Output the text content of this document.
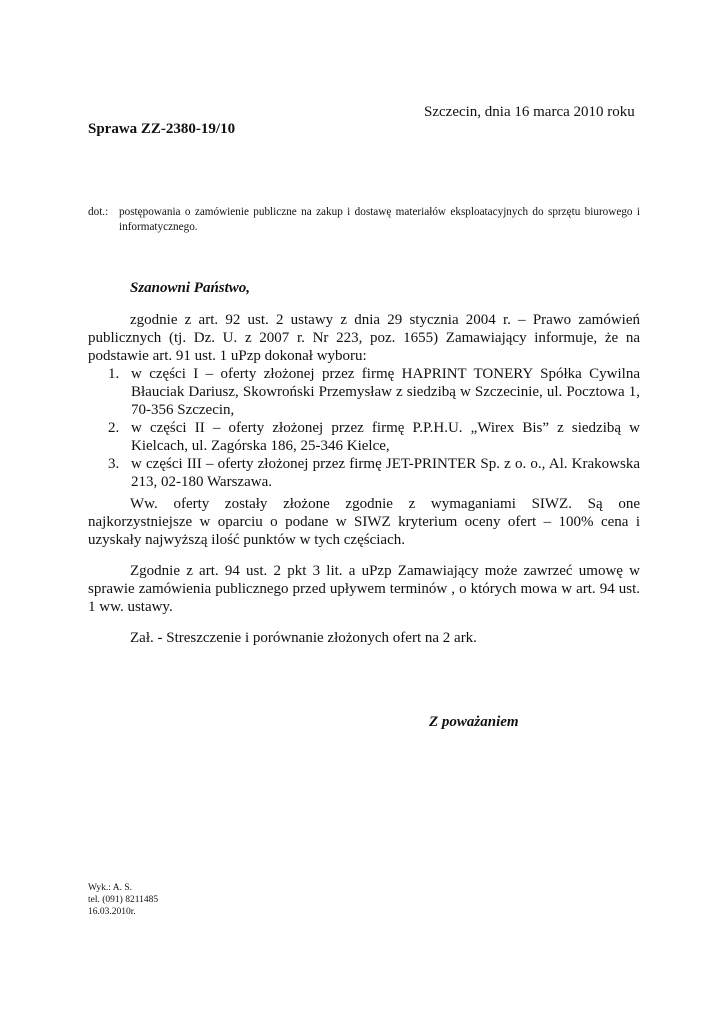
Szczecin, dnia 16 marca 2010 roku
Sprawa ZZ-2380-19/10
dot.: postępowania o zamówienie publiczne na zakup i dostawę materiałów eksploatacyjnych do sprzętu biurowego i informatycznego.
Szanowni Państwo,

zgodnie z art. 92 ust. 2 ustawy z dnia 29 stycznia 2004 r. – Prawo zamówień publicznych (tj. Dz. U. z 2007 r. Nr 223, poz. 1655) Zamawiający informuje, że na podstawie art. 91 ust. 1 uPzp dokonał wyboru:

1. w części I – oferty złożonej przez firmę HAPRINT TONERY Spółka Cywilna Błauciak Dariusz, Skowroński Przemysław z siedzibą w Szczecinie, ul. Pocztowa 1, 70-356 Szczecin,
2. w części II – oferty złożonej przez firmę P.P.H.U. „Wirex Bis” z siedzibą w Kielcach, ul. Zagórska 186, 25-346 Kielce,
3. w części III – oferty złożonej przez firmę JET-PRINTER Sp. z o. o., Al. Krakowska 213, 02-180 Warszawa.

Ww. oferty zostały złożone zgodnie z wymaganiami SIWZ. Są one najkorzystniejsze w oparciu o podane w SIWZ kryterium oceny ofert – 100% cena i uzyskały najwyższą ilość punktów w tych częściach.

Zgodnie z art. 94 ust. 2 pkt 3 lit. a uPzp Zamawiający może zawrzeć umowę w sprawie zamówienia publicznego przed upływem terminów , o których mowa w art. 94 ust. 1 ww. ustawy.

Zał. - Streszczenie i porównanie złożonych ofert na 2 ark.

Z poważaniem
Wyk.: A. S.
tel. (091) 8211485
16.03.2010r.
